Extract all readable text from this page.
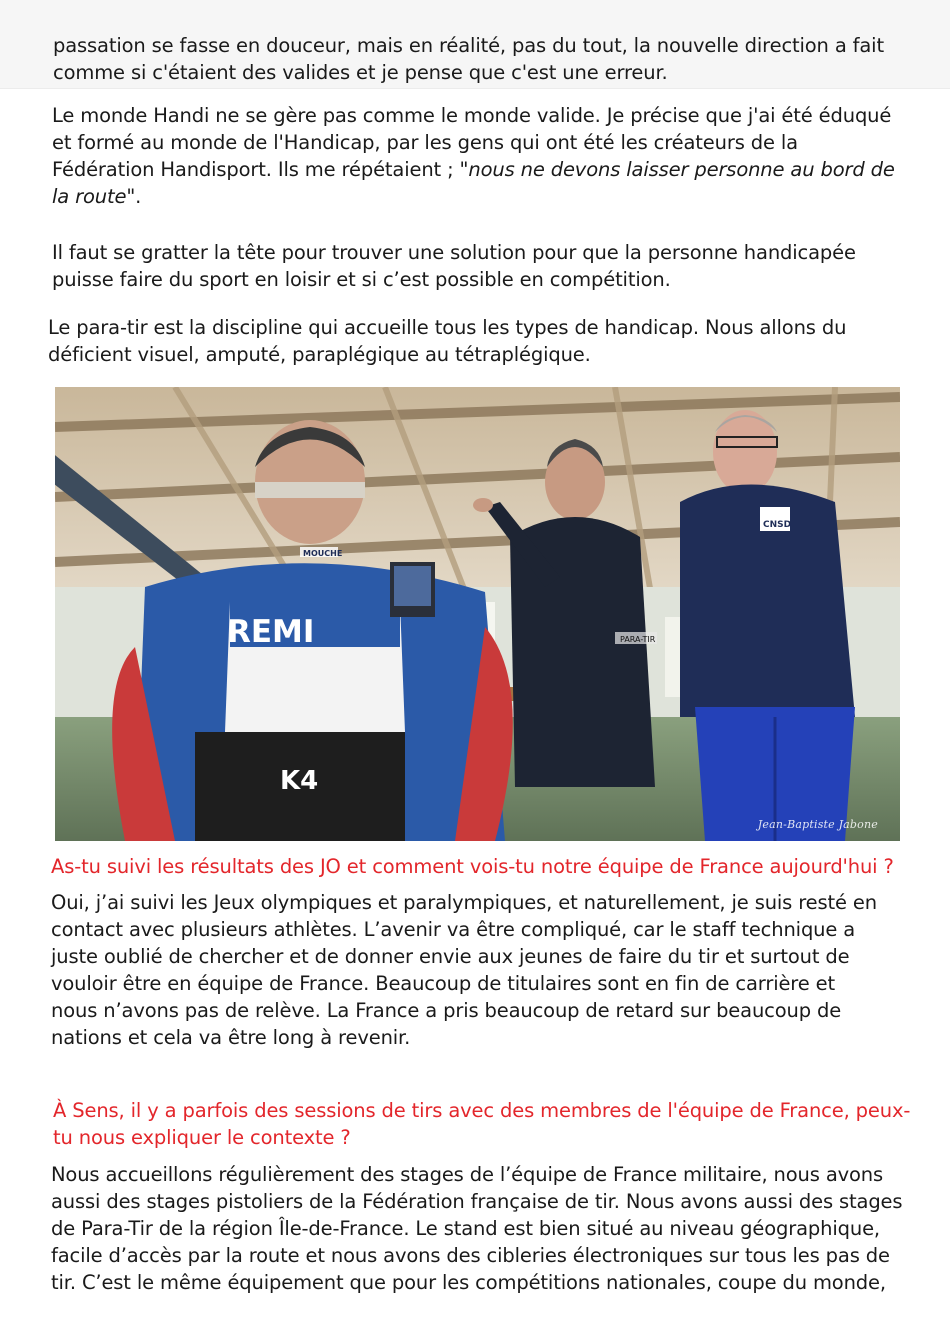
passation se fasse en douceur, mais en réalité, pas du tout, la nouvelle direction a fait
comme si c'étaient des valides et je pense que c'est une erreur.

Le monde Handi ne se gère pas comme le monde valide. Je précise que j'ai été éduqué
et formé au monde de l'Handicap, par les gens qui ont été les créateurs de la
Fédération Handisport. Ils me répétaient ; "nous ne devons laisser personne au bord de
la route".

Il faut se gratter la tête pour trouver une solution pour que la personne handicapée
puisse faire du sport en loisir et si c’est possible en compétition.

Le para-tir est la discipline qui accueille tous les types de handicap. Nous allons du
déficient visuel, amputé, paraplégique au tétraplégique.

PARA-TIR
CNSD
REMI
MOUCHE
K4
Jean-Baptiste Jabone

As-tu suivi les résultats des JO et comment vois-tu notre équipe de France aujourd'hui ?

Oui, j’ai suivi les Jeux olympiques et paralympiques, et naturellement, je suis resté en
contact avec plusieurs athlètes. L’avenir va être compliqué, car le staff technique a
juste oublié de chercher et de donner envie aux jeunes de faire du tir et surtout de
vouloir être en équipe de France. Beaucoup de titulaires sont en fin de carrière et
nous n’avons pas de relève. La France a pris beaucoup de retard sur beaucoup de
nations et cela va être long à revenir.

À Sens, il y a parfois des sessions de tirs avec des membres de l'équipe de France, peux-
tu nous expliquer le contexte ?

Nous accueillons régulièrement des stages de l’équipe de France militaire, nous avons
aussi des stages pistoliers de la Fédération française de tir. Nous avons aussi des stages
de Para-Tir de la région Île-de-France. Le stand est bien situé au niveau géographique,
facile d’accès par la route et nous avons des cibleries électroniques sur tous les pas de
tir. C’est le même équipement que pour les compétitions nationales, coupe du monde,
